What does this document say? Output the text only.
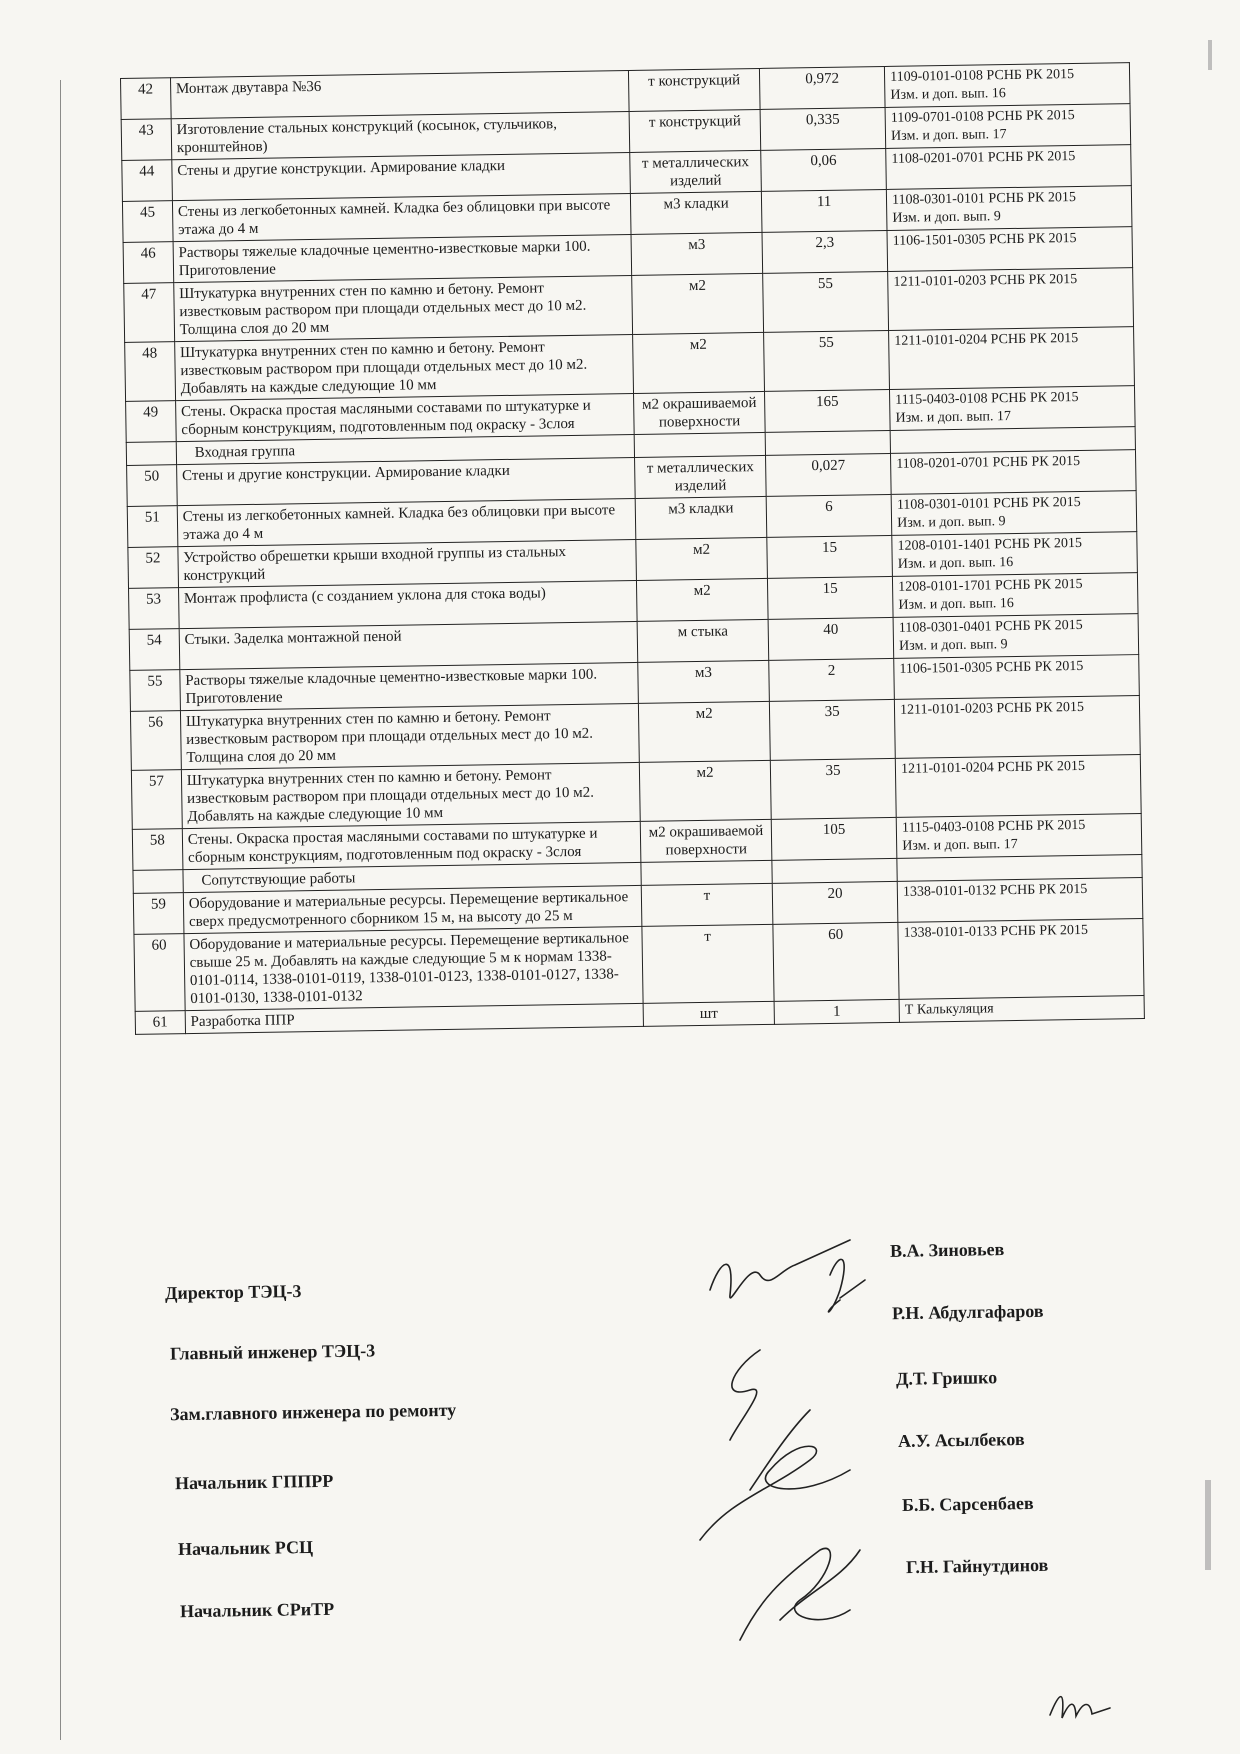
42	Монтаж двутавра №36	т конструкций	0,972	1109-0101-0108 РСНБ РК 2015
Изм. и доп. вып. 16

43	Изготовление стальных конструкций (косынок, стульчиков, кронштейнов)	т конструкций	0,335	1109-0701-0108 РСНБ РК 2015
Изм. и доп. вып. 17

44	Стены и другие конструкции. Армирование кладки	т металлических изделий	0,06	1108-0201-0701 РСНБ РК 2015
45	Стены из легкобетонных камней. Кладка без облицовки при высоте этажа до 4 м	м3 кладки	11	1108-0301-0101 РСНБ РК 2015
Изм. и доп. вып. 9

46	Растворы тяжелые кладочные цементно-известковые марки 100. Приготовление	м3	2,3	1106-1501-0305 РСНБ РК 2015
47	Штукатурка внутренних стен по камню и бетону. Ремонт известковым раствором при площади отдельных мест до 10 м2. Толщина слоя до 20 мм	м2	55	1211-0101-0203 РСНБ РК 2015
48	Штукатурка внутренних стен по камню и бетону. Ремонт известковым раствором при площади отдельных мест до 10 м2. Добавлять на каждые следующие 10 мм	м2	55	1211-0101-0204 РСНБ РК 2015
49	Стены. Окраска простая масляными составами по штукатурке и сборным конструкциям, подготовленным под окраску - 3слоя	м2 окрашиваемой поверхности	165	1115-0403-0108 РСНБ РК 2015
Изм. и доп. вып. 17

	Входная группа			
50	Стены и другие конструкции. Армирование кладки	т металлических изделий	0,027	1108-0201-0701 РСНБ РК 2015
51	Стены из легкобетонных камней. Кладка без облицовки при высоте этажа до 4 м	м3 кладки	6	1108-0301-0101 РСНБ РК 2015
Изм. и доп. вып. 9

52	Устройство обрешетки крыши входной группы из стальных конструкций	м2	15	1208-0101-1401 РСНБ РК 2015
Изм. и доп. вып. 16

53	Монтаж профлиста (с созданием уклона для стока воды)	м2	15	1208-0101-1701 РСНБ РК 2015
Изм. и доп. вып. 16

54	Стыки. Заделка монтажной пеной	м стыка	40	1108-0301-0401 РСНБ РК 2015
Изм. и доп. вып. 9

55	Растворы тяжелые кладочные цементно-известковые марки 100. Приготовление	м3	2	1106-1501-0305 РСНБ РК 2015
56	Штукатурка внутренних стен по камню и бетону. Ремонт известковым раствором при площади отдельных мест до 10 м2. Толщина слоя до 20 мм	м2	35	1211-0101-0203 РСНБ РК 2015
57	Штукатурка внутренних стен по камню и бетону. Ремонт известковым раствором при площади отдельных мест до 10 м2. Добавлять на каждые следующие 10 мм	м2	35	1211-0101-0204 РСНБ РК 2015
58	Стены. Окраска простая масляными составами по штукатурке и сборным конструкциям, подготовленным под окраску - 3слоя	м2 окрашиваемой поверхности	105	1115-0403-0108 РСНБ РК 2015
Изм. и доп. вып. 17

	Сопутствующие работы			
59	Оборудование и материальные ресурсы. Перемещение вертикальное сверх предусмотренного сборником 15 м, на высоту до 25 м	т	20	1338-0101-0132 РСНБ РК 2015
60	Оборудование и материальные ресурсы. Перемещение вертикальное свыше 25 м. Добавлять на каждые следующие 5 м к нормам 1338-0101-0114, 1338-0101-0119, 1338-0101-0123, 1338-0101-0127, 1338-0101-0130, 1338-0101-0132	т	60	1338-0101-0133 РСНБ РК 2015
61	Разработка ППР	шт	1	Т Калькуляция
Директор ТЭЦ-3
Главный инженер ТЭЦ-3
Зам.главного инженера по ремонту
Начальник ГППРР
Начальник РСЦ
Начальник СРиТР
В.А. Зиновьев
Р.Н. Абдулгафаров
Д.Т. Гришко
А.У. Асылбеков
Б.Б. Сарсенбаев
Г.Н. Гайнутдинов
